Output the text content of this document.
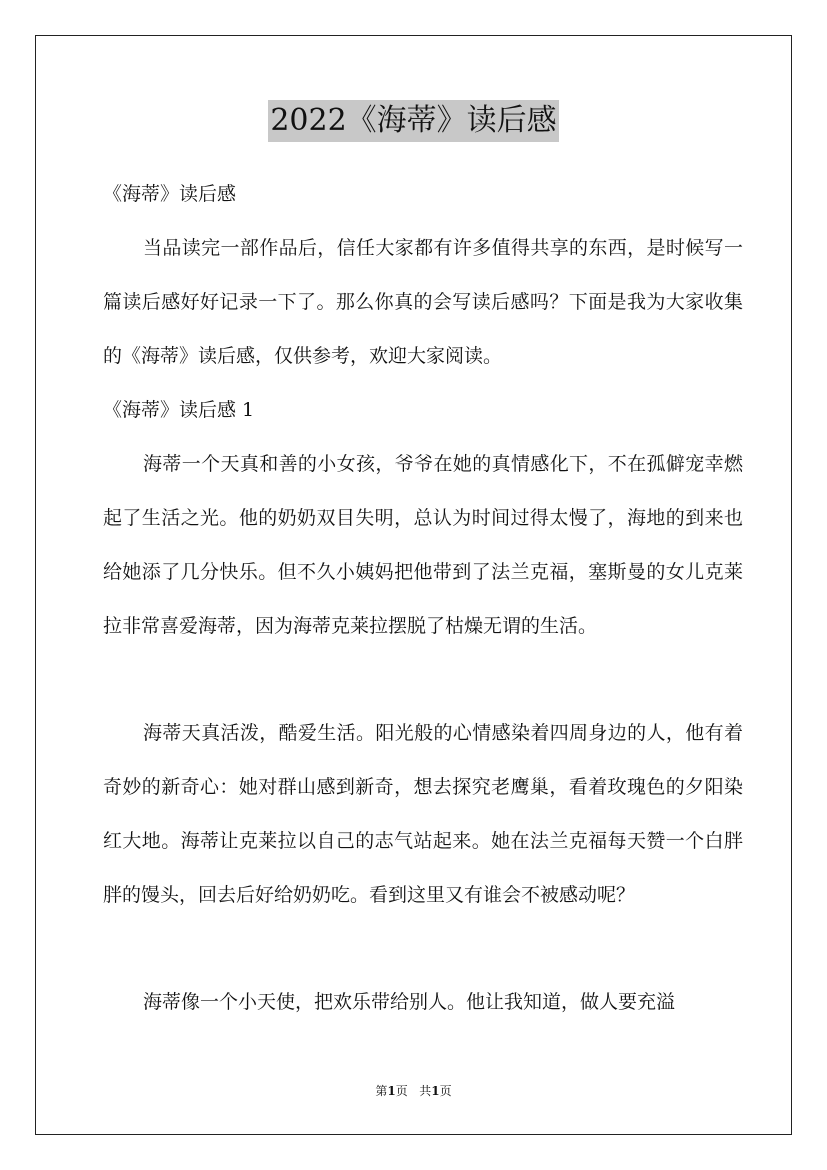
2022《海蒂》读后感
《海蒂》读后感

当品读完一部作品后，信任大家都有许多值得共享的东西，是时候写一篇读后感好好记录一下了。那么你真的会写读后感吗？下面是我为大家收集的《海蒂》读后感，仅供参考，欢迎大家阅读。

《海蒂》读后感 1

海蒂一个天真和善的小女孩，爷爷在她的真情感化下，不在孤僻宠幸燃起了生活之光。他的奶奶双目失明，总认为时间过得太慢了，海地的到来也给她添了几分快乐。但不久小姨妈把他带到了法兰克福，塞斯曼的女儿克莱拉非常喜爱海蒂，因为海蒂克莱拉摆脱了枯燥无谓的生活。

海蒂天真活泼，酷爱生活。阳光般的心情感染着四周身边的人，他有着奇妙的新奇心：她对群山感到新奇，想去探究老鹰巢，看着玫瑰色的夕阳染红大地。海蒂让克莱拉以自己的志气站起来。她在法兰克福每天赞一个白胖胖的馒头，回去后好给奶奶吃。看到这里又有谁会不被感动呢？

海蒂像一个小天使，把欢乐带给别人。他让我知道，做人要充溢

第1页 共1页
